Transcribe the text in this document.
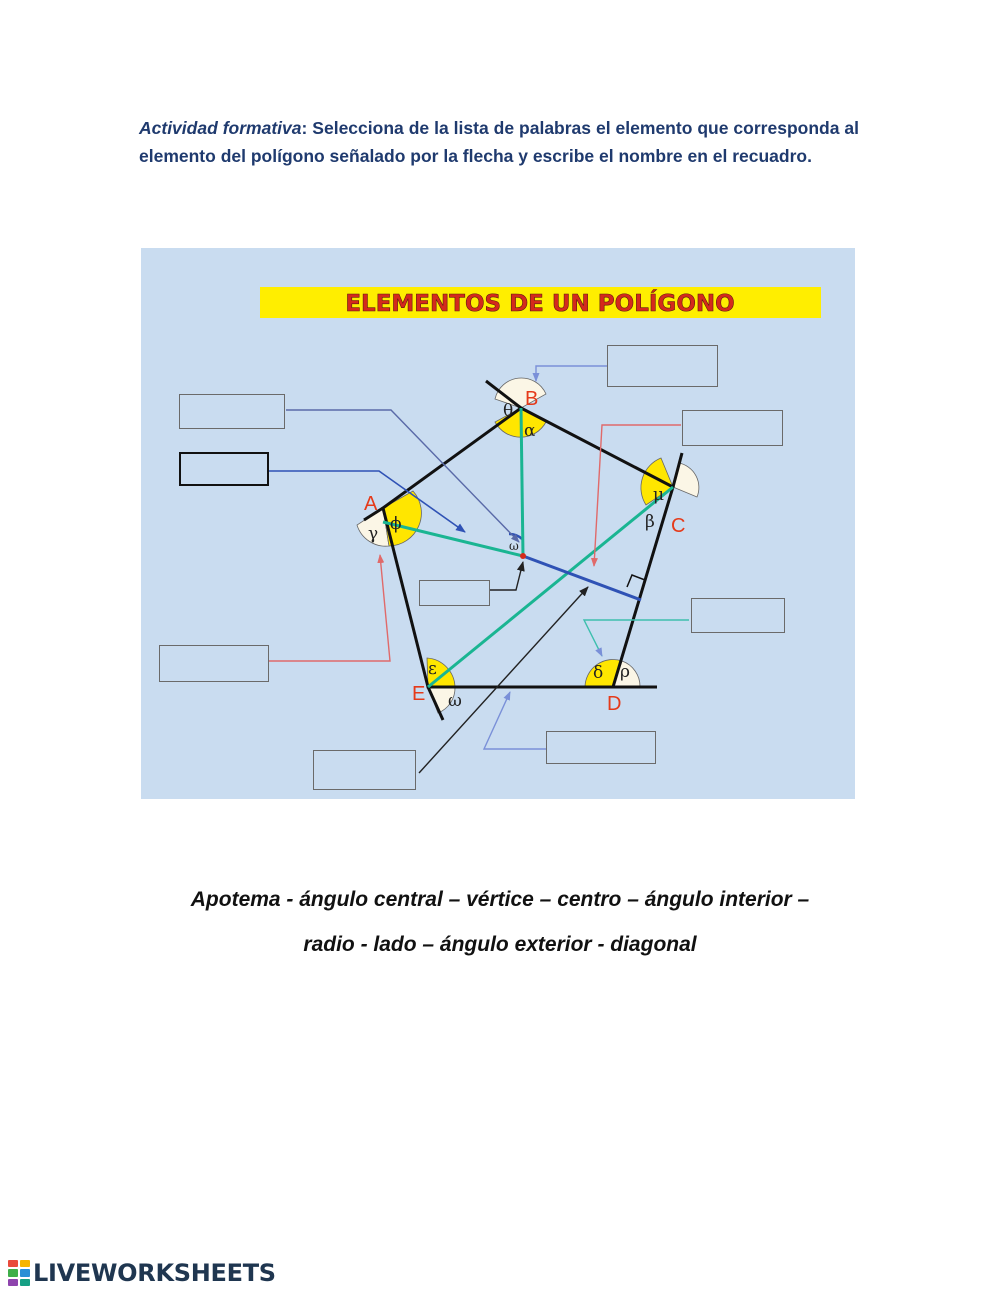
Actividad formativa: Selecciona de la lista de palabras el elemento que corresponda al elemento del polígono señalado por la flecha y escribe el nombre en el recuadro.

ELEMENTOS DE UN POLÍGONO
θ
α
μ
β
ϕ
γ
ω
ε
ω
δ ρ
B
C
A
D
E

Apotema - ángulo central – vértice – centro – ángulo interior –

radio - lado – ángulo exterior - diagonal

LIVEWORKSHEETS
